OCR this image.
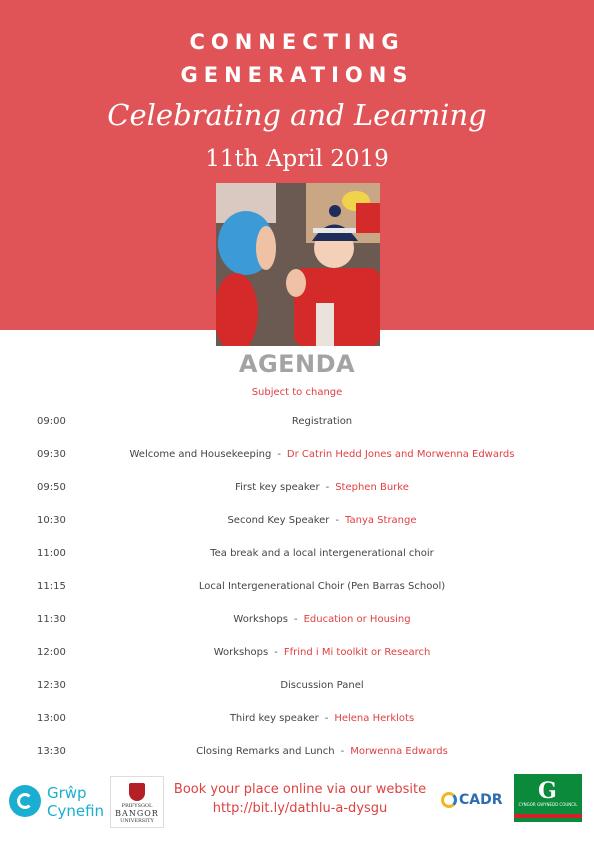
CONNECTING
GENERATIONS
Celebrating and Learning
11th April 2019
AGENDA
Subject to change
09:00	Registration
09:30	Welcome and Housekeeping - Dr Catrin Hedd Jones and Morwenna Edwards
09:50	First key speaker - Stephen Burke
10:30	Second Key Speaker - Tanya Strange
11:00	Tea break and a local intergenerational choir
11:15	Local Intergenerational Choir (Pen Barras School)
11:30	Workshops - Education or Housing
12:00	Workshops - Ffrind i Mi toolkit or Research
12:30	Discussion Panel
13:00	Third key speaker - Helena Herklots
13:30	Closing Remarks and Lunch - Morwenna Edwards
Grŵp
Cynefin	PRIFYSGOL
BANGOR
UNIVERSITY
Book your place online via our website
http://bit.ly/dathlu-a-dysgu
CADR G
CYNGOR GWYNEDD COUNCIL
